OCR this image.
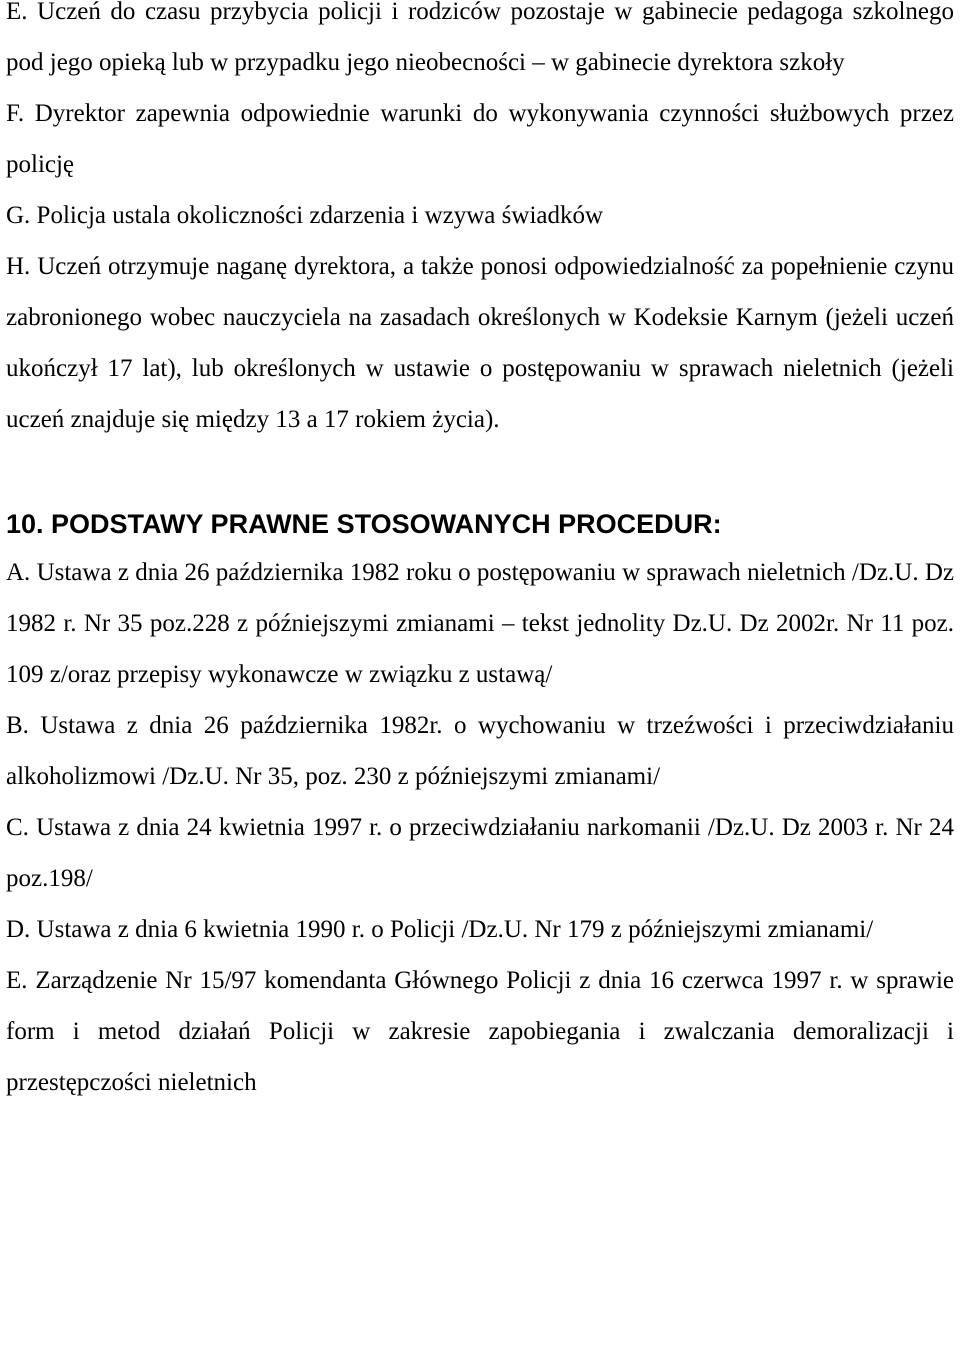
E. Uczeń do czasu przybycia policji i rodziców pozostaje w gabinecie pedagoga szkolnego pod jego opieką lub w przypadku jego nieobecności – w gabinecie dyrektora szkoły

F. Dyrektor zapewnia odpowiednie warunki do wykonywania czynności służbowych przez policję

G. Policja ustala okoliczności zdarzenia i wzywa świadków

H. Uczeń otrzymuje naganę dyrektora, a także ponosi odpowiedzialność za popełnienie czynu zabronionego wobec nauczyciela na zasadach określonych w Kodeksie Karnym (jeżeli uczeń ukończył 17 lat), lub określonych w ustawie o postępowaniu w sprawach nieletnich (jeżeli uczeń znajduje się między 13 a 17 rokiem życia).

10. PODSTAWY PRAWNE STOSOWANYCH PROCEDUR:

A. Ustawa z dnia 26 października 1982 roku o postępowaniu w sprawach nieletnich /Dz.U. Dz 1982 r. Nr 35 poz.228 z późniejszymi zmianami – tekst jednolity Dz.U. Dz 2002r. Nr 11 poz. 109 z/oraz przepisy wykonawcze w związku z ustawą/

B. Ustawa z dnia 26 października 1982r. o wychowaniu w trzeźwości i przeciwdziałaniu alkoholizmowi /Dz.U. Nr 35, poz. 230 z późniejszymi zmianami/

C. Ustawa z dnia 24 kwietnia 1997 r. o przeciwdziałaniu narkomanii /Dz.U. Dz 2003 r. Nr 24 poz.198/

D. Ustawa z dnia 6 kwietnia 1990 r. o Policji /Dz.U. Nr 179 z późniejszymi zmianami/

E. Zarządzenie Nr 15/97 komendanta Głównego Policji z dnia 16 czerwca 1997 r. w sprawie form i metod działań Policji w zakresie zapobiegania i zwalczania demoralizacji i przestępczości nieletnich
